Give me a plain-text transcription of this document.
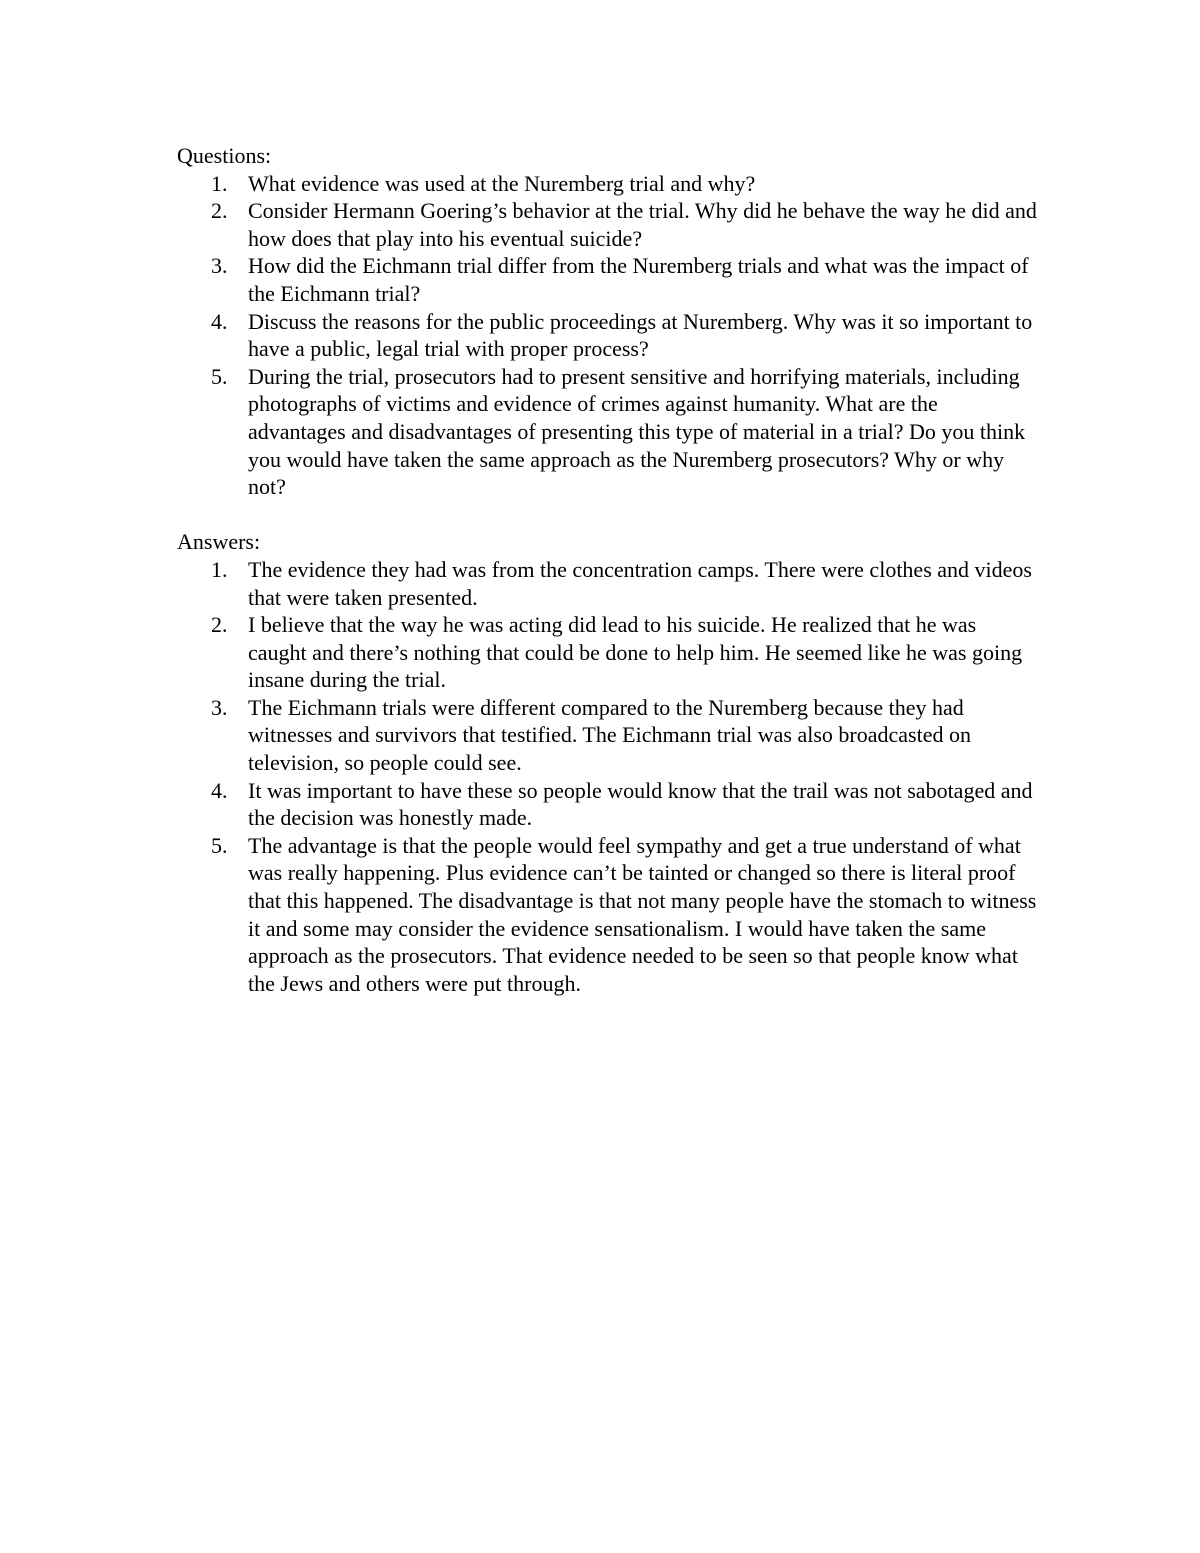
Questions:

1. What evidence was used at the Nuremberg trial and why?
2. Consider Hermann Goering’s behavior at the trial. Why did he behave the way he did and how does that play into his eventual suicide?
3. How did the Eichmann trial differ from the Nuremberg trials and what was the impact of the Eichmann trial?
4. Discuss the reasons for the public proceedings at Nuremberg. Why was it so important to have a public, legal trial with proper process?
5. During the trial, prosecutors had to present sensitive and horrifying materials, including photographs of victims and evidence of crimes against humanity. What are the advantages and disadvantages of presenting this type of material in a trial? Do you think you would have taken the same approach as the Nuremberg prosecutors? Why or why not?

Answers:

1. The evidence they had was from the concentration camps. There were clothes and videos that were taken presented.
2. I believe that the way he was acting did lead to his suicide. He realized that he was caught and there’s nothing that could be done to help him. He seemed like he was going insane during the trial.
3. The Eichmann trials were different compared to the Nuremberg because they had witnesses and survivors that testified. The Eichmann trial was also broadcasted on television, so people could see.
4. It was important to have these so people would know that the trail was not sabotaged and the decision was honestly made.
5. The advantage is that the people would feel sympathy and get a true understand of what was really happening. Plus evidence can’t be tainted or changed so there is literal proof that this happened. The disadvantage is that not many people have the stomach to witness it and some may consider the evidence sensationalism. I would have taken the same approach as the prosecutors. That evidence needed to be seen so that people know what the Jews and others were put through.
